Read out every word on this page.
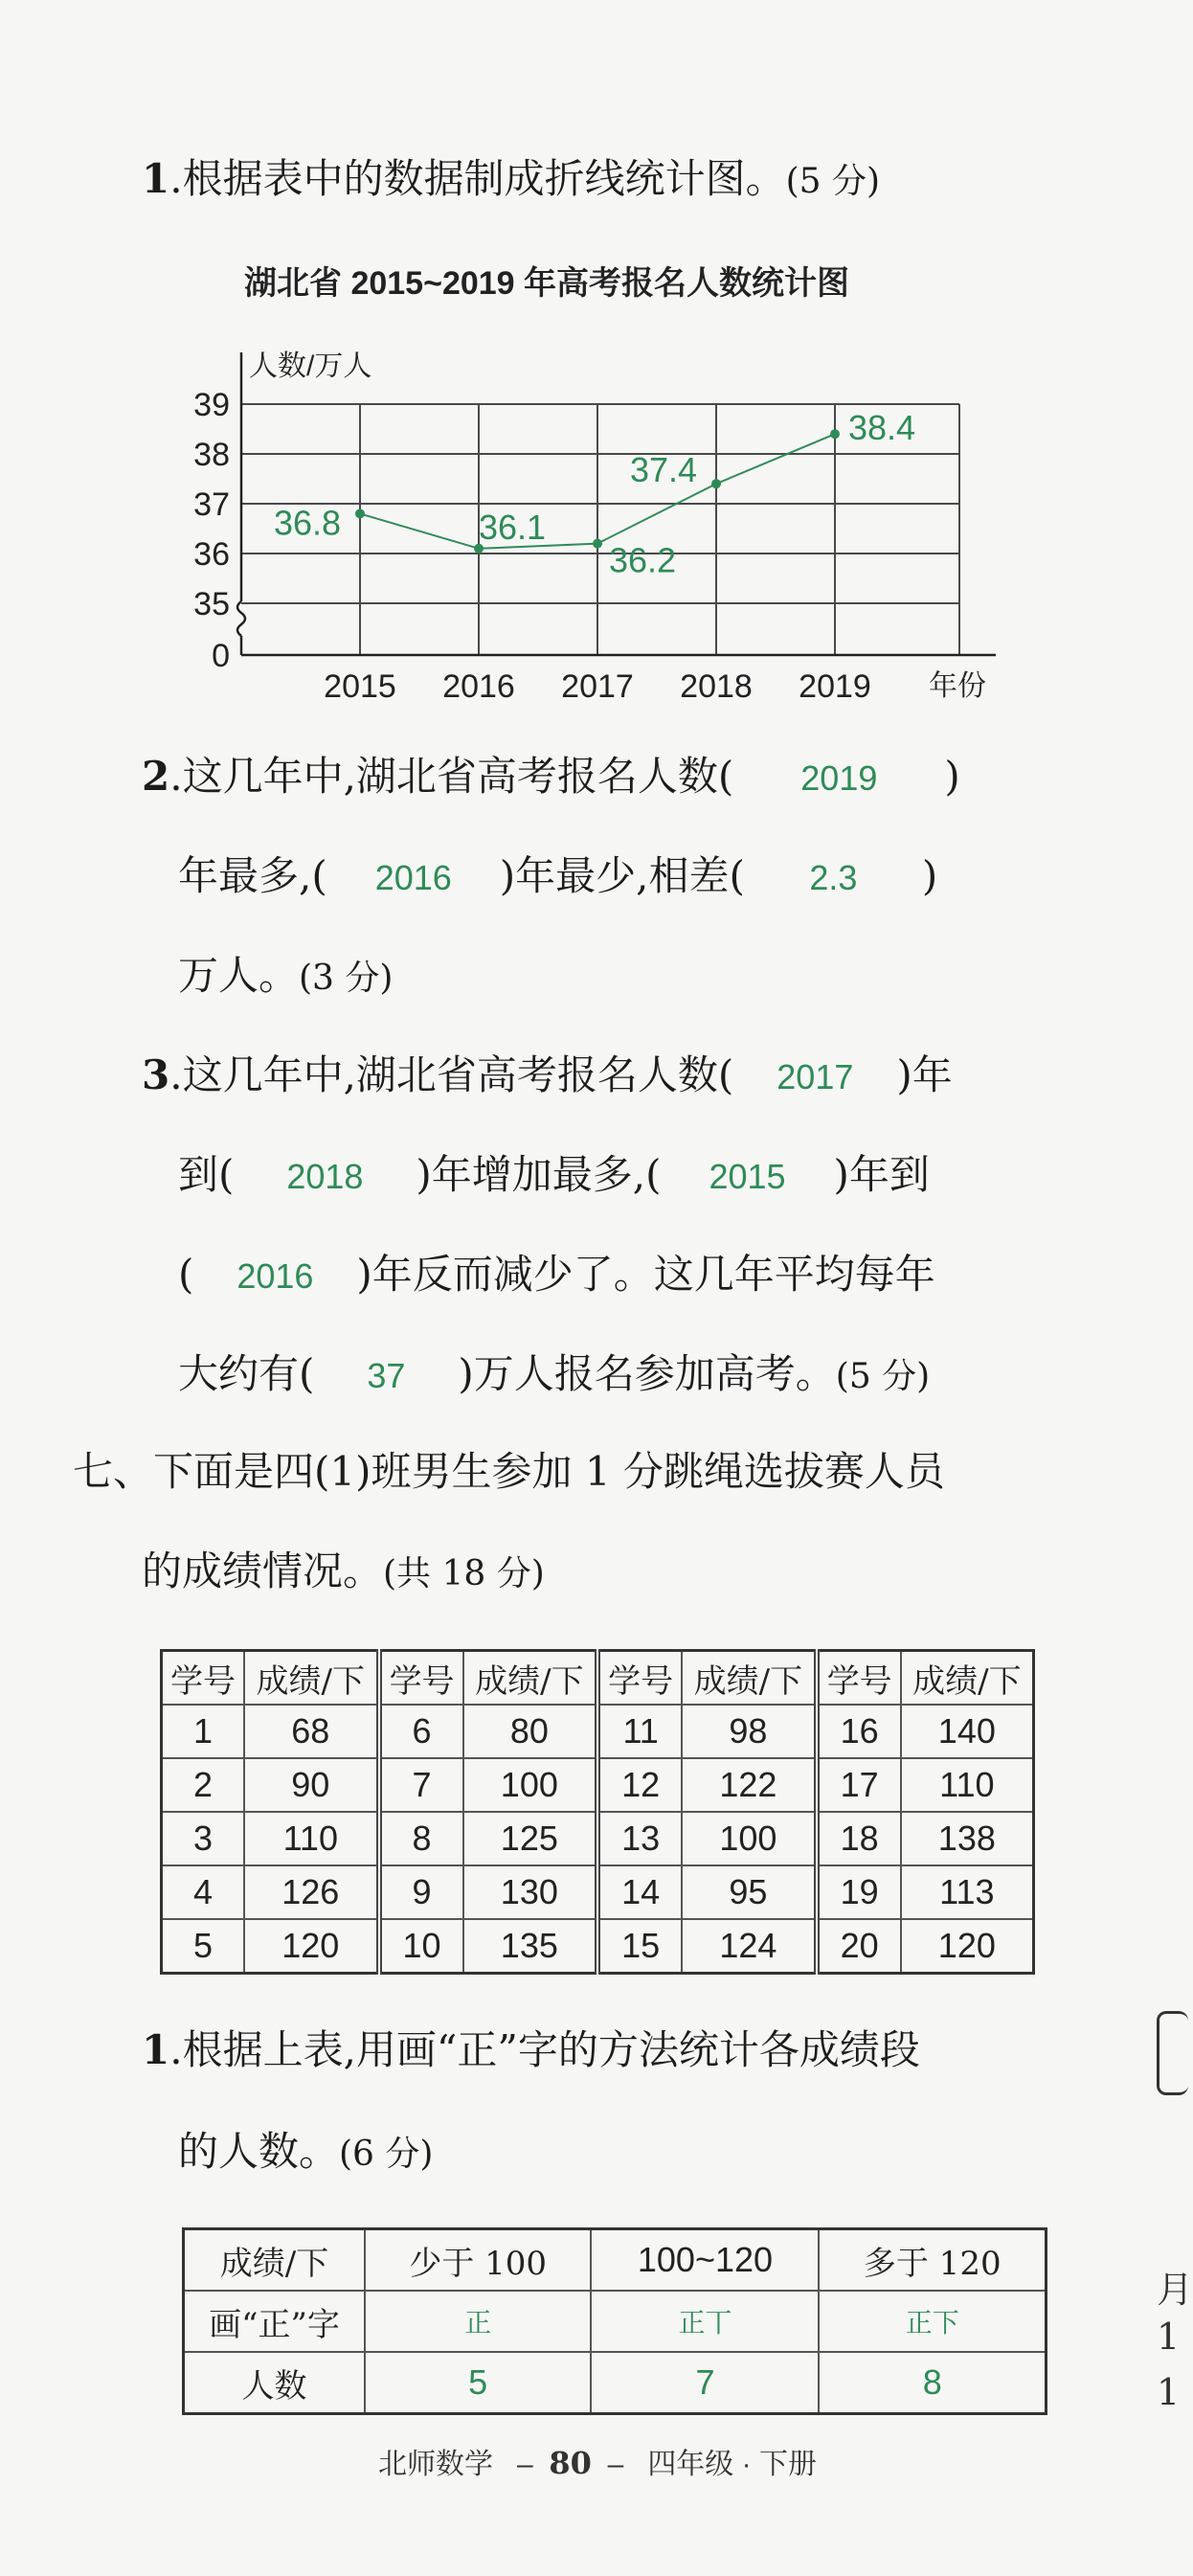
1.根据表中的数据制成折线统计图。(5 分)
湖北省 2015~2019 年高考报名人数统计图
39
38
37
36
35
0
人数/万人
2015 2016 2017 2018 2019 年份
36.8	36.1
36.2
37.4
38.4
2.这几年中,湖北省高考报名人数( 2019 )
年最多,( 2016 )年最少,相差( 2.3 )
万人。(3 分)
3.这几年中,湖北省高考报名人数( 2017 )年
到( 2018 )年增加最多,( 2015 )年到
( 2016 )年反而减少了。这几年平均每年
大约有( 37 )万人报名参加高考。(5 分)
七、下面是四(1)班男生参加 1 分跳绳选拔赛人员
的成绩情况。(共 18 分)
学号	成绩/下	学号	成绩/下	学号	成绩/下	学号	成绩/下
1	68	6	80	11	98	16	140
2	90	7	100	12	122	17	110
3	110	8	125	13	100	18	138
4	126	9	130	14	95	19	113
5	120	10	135	15	124	20	120
1.根据上表,用画“正”字的方法统计各成绩段
的人数。(6 分)
成绩/下	少于 100	100~120	多于 120
画“正”字	正	正丅	正下
人数	5	7	8
北师数学   –  80  –   四年级 · 下册
月
1
1
